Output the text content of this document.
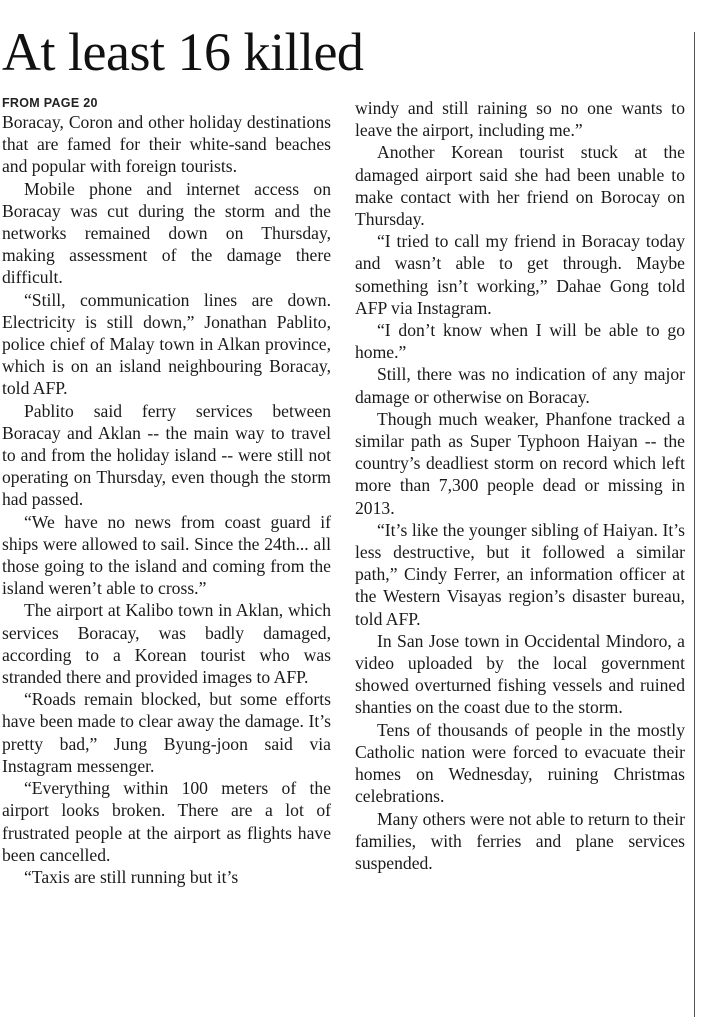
At least 16 killed
FROM PAGE 20

Boracay, Coron and other holiday destinations that are famed for their white-sand beaches and popular with foreign tourists.

Mobile phone and internet access on Boracay was cut during the storm and the networks remained down on Thursday, making assessment of the damage there difficult.

“Still, communication lines are down. Electricity is still down,” Jonathan Pablito, police chief of Malay town in Alkan province, which is on an island neighbouring Boracay, told AFP.

Pablito said ferry services between Boracay and Aklan -- the main way to travel to and from the holiday island -- were still not operating on Thursday, even though the storm had passed.

“We have no news from coast guard if ships were allowed to sail. Since the 24th... all those going to the island and coming from the island weren’t able to cross.”

The airport at Kalibo town in Aklan, which services Boracay, was badly damaged, according to a Korean tourist who was stranded there and provided images to AFP.

“Roads remain blocked, but some efforts have been made to clear away the damage. It’s pretty bad,” Jung Byung-joon said via Instagram messenger.

“Everything within 100 meters of the airport looks broken. There are a lot of frustrated people at the airport as flights have been cancelled.

“Taxis are still running but it’s

windy and still raining so no one wants to leave the airport, including me.”

Another Korean tourist stuck at the damaged airport said she had been unable to make contact with her friend on Borocay on Thursday.

“I tried to call my friend in Boracay today and wasn’t able to get through. Maybe something isn’t working,” Dahae Gong told AFP via Instagram.

“I don’t know when I will be able to go home.”

Still, there was no indication of any major damage or otherwise on Boracay.

Though much weaker, Phanfone tracked a similar path as Super Typhoon Haiyan -- the country’s deadliest storm on record which left more than 7,300 people dead or missing in 2013.

“It’s like the younger sibling of Haiyan. It’s less destructive, but it followed a similar path,” Cindy Ferrer, an information officer at the Western Visayas region’s disaster bureau, told AFP.

In San Jose town in Occidental Mindoro, a video uploaded by the local government showed overturned fishing vessels and ruined shanties on the coast due to the storm.

Tens of thousands of people in the mostly Catholic nation were forced to evacuate their homes on Wednesday, ruining Christmas celebrations.

Many others were not able to return to their families, with ferries and plane services suspended.
